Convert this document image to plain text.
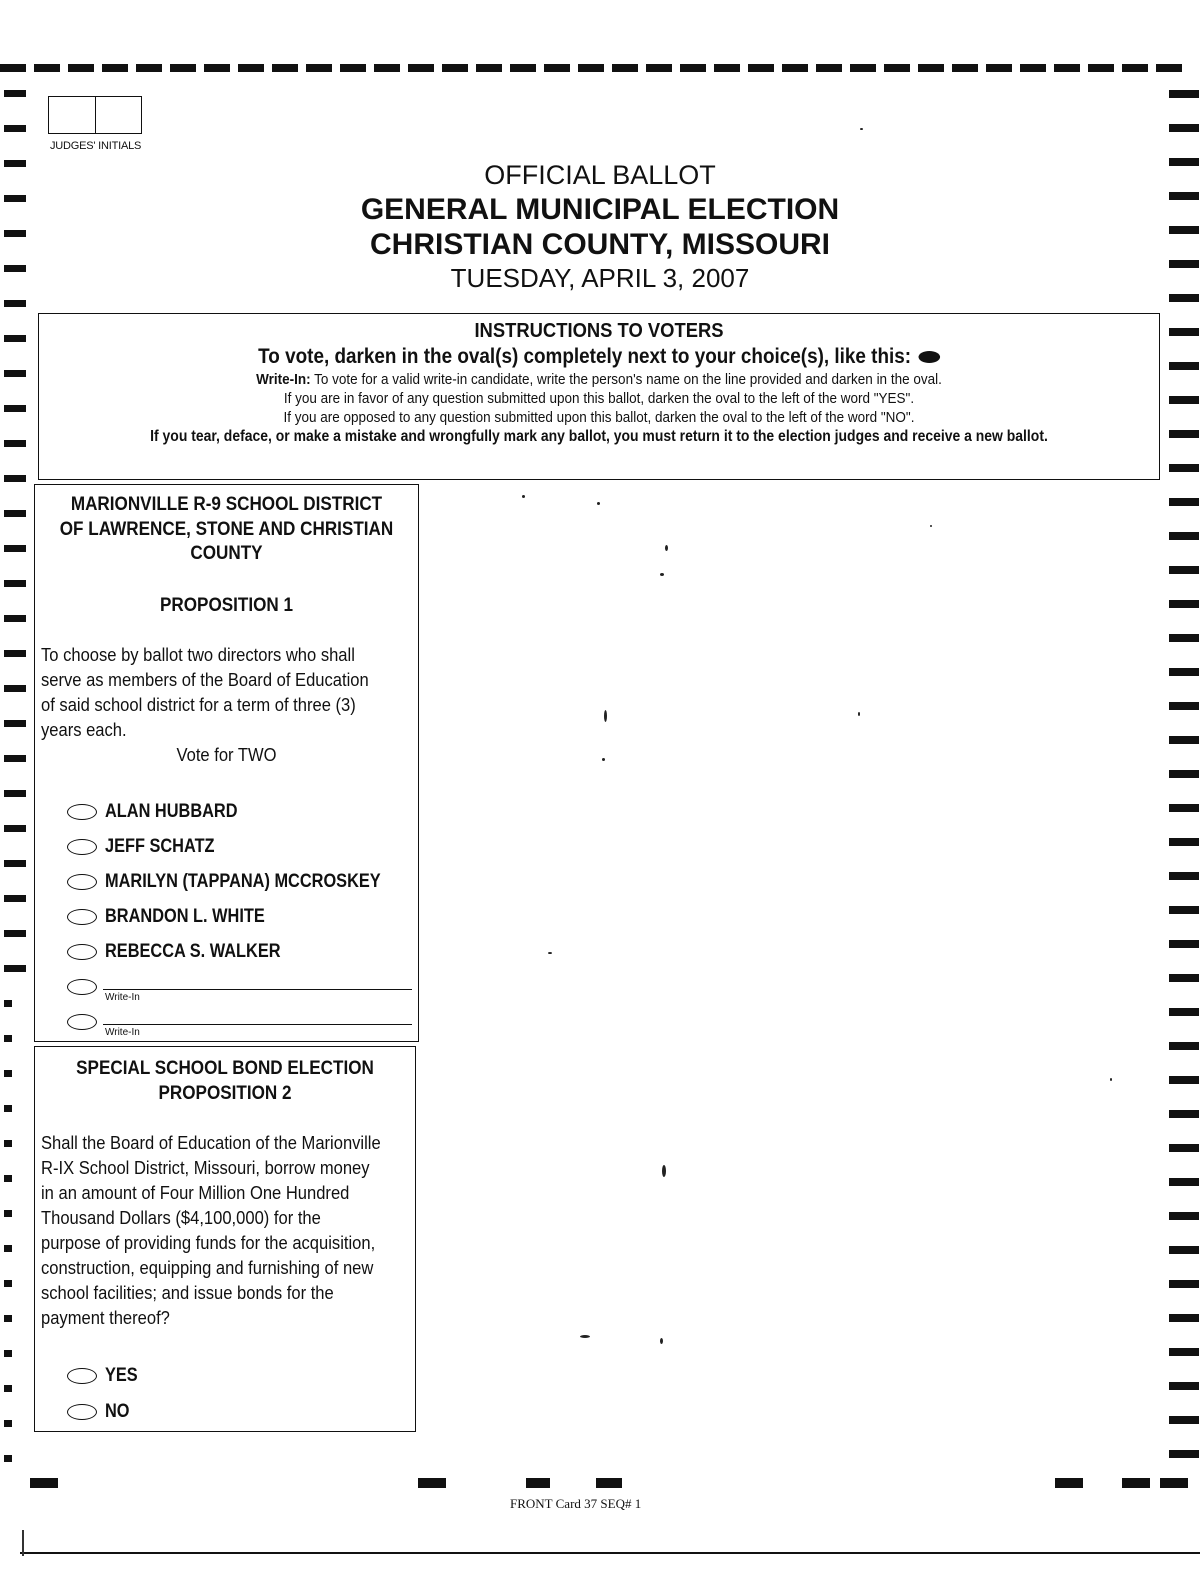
JUDGES' INITIALS
OFFICIAL BALLOT
GENERAL MUNICIPAL ELECTION
CHRISTIAN COUNTY, MISSOURI
TUESDAY, APRIL 3, 2007
INSTRUCTIONS TO VOTERS
To vote, darken in the oval(s) completely next to your choice(s), like this:
Write-In: To vote for a valid write-in candidate, write the person's name on the line provided and darken in the oval.
If you are in favor of any question submitted upon this ballot, darken the oval to the left of the word "YES".
If you are opposed to any question submitted upon this ballot, darken the oval to the left of the word "NO".
If you tear, deface, or make a mistake and wrongfully mark any ballot, you must return it to the election judges and receive a new ballot.
MARIONVILLE R-9 SCHOOL DISTRICT
OF LAWRENCE, STONE AND CHRISTIAN
COUNTY
PROPOSITION 1
To choose by ballot two directors who shall
serve as members of the Board of Education
of said school district for a term of three (3)
years each.
Vote for TWO
ALAN HUBBARD
JEFF SCHATZ
MARILYN (TAPPANA) MCCROSKEY
BRANDON L. WHITE
REBECCA S. WALKER
Write-In
Write-In
SPECIAL SCHOOL BOND ELECTION
PROPOSITION 2
Shall the Board of Education of the Marionville
R-IX School District, Missouri, borrow money
in an amount of Four Million One Hundred
Thousand Dollars ($4,100,000) for the
purpose of providing funds for the acquisition,
construction, equipping and furnishing of new
school facilities; and issue bonds for the
payment thereof?
YES
NO
FRONT Card 37 SEQ# 1
